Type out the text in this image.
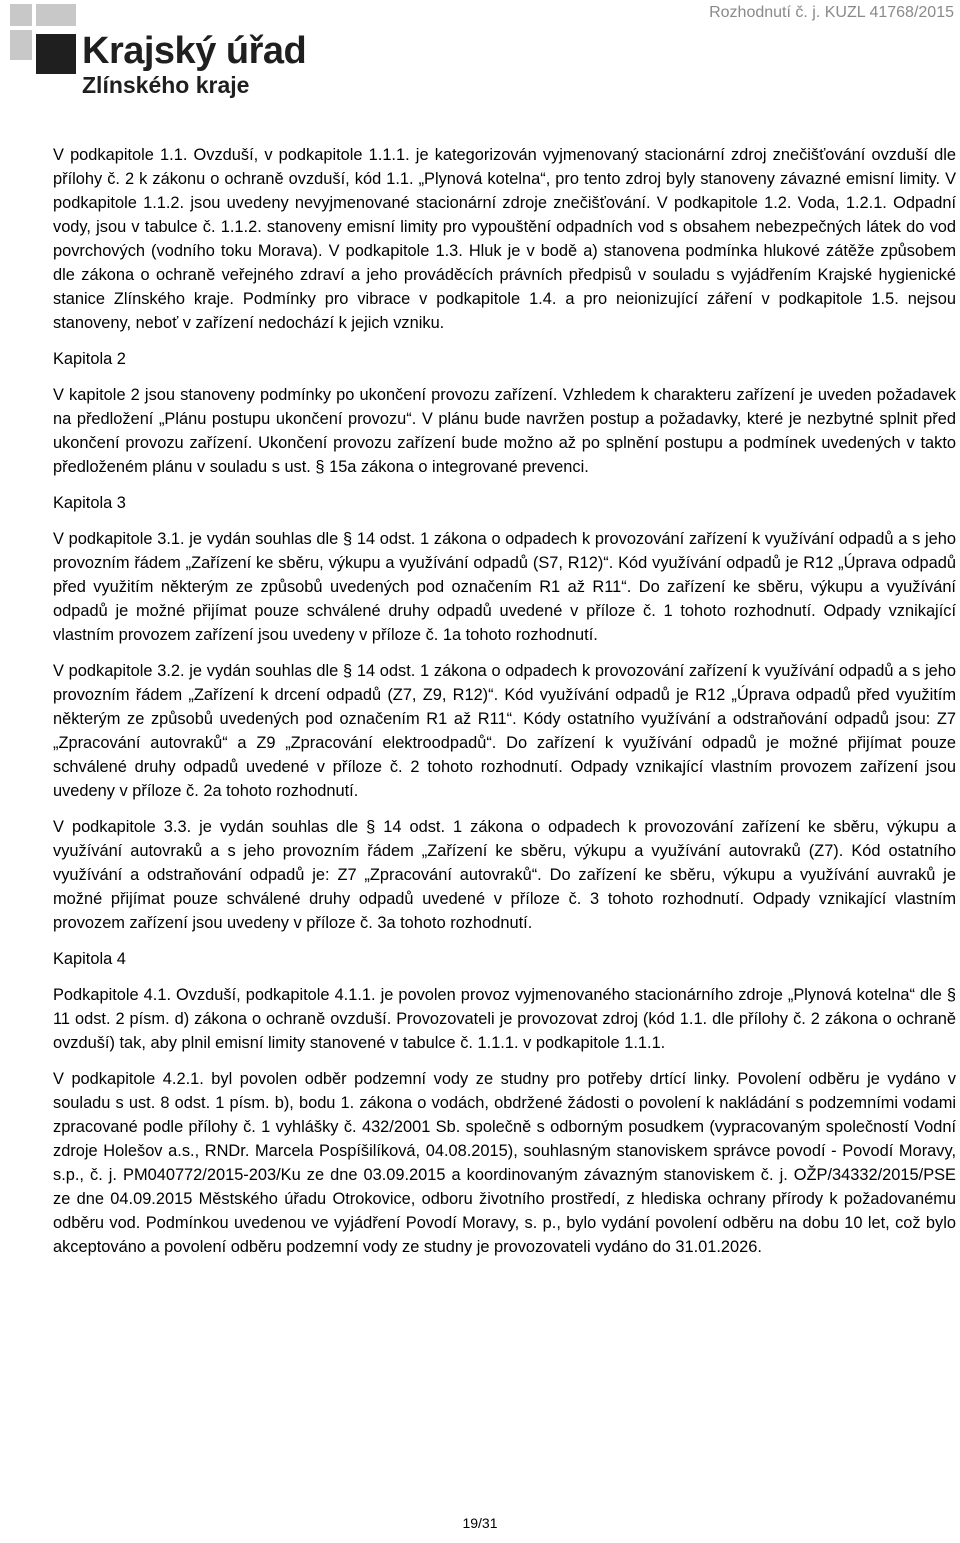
Krajský úřad
Zlínského kraje
Rozhodnutí č. j. KUZL 41768/2015

V podkapitole 1.1. Ovzduší, v podkapitole 1.1.1. je kategorizován vyjmenovaný stacionární zdroj znečišťování ovzduší dle přílohy č. 2 k zákonu o ochraně ovzduší, kód 1.1. „Plynová kotelna“, pro tento zdroj byly stanoveny závazné emisní limity. V podkapitole 1.1.2. jsou uvedeny nevyjmenované stacionární zdroje znečišťování. V podkapitole 1.2. Voda, 1.2.1. Odpadní vody, jsou v tabulce č. 1.1.2. stanoveny emisní limity pro vypouštění odpadních vod s obsahem nebezpečných látek do vod povrchových (vodního toku Morava). V podkapitole 1.3. Hluk je v bodě a) stanovena podmínka hlukové zátěže způsobem dle zákona o ochraně veřejného zdraví a jeho prováděcích právních předpisů v souladu s vyjádřením Krajské hygienické stanice Zlínského kraje. Podmínky pro vibrace v podkapitole 1.4. a pro neionizující záření v podkapitole 1.5. nejsou stanoveny, neboť v zařízení nedochází k jejich vzniku.

Kapitola 2

V kapitole 2 jsou stanoveny podmínky po ukončení provozu zařízení. Vzhledem k charakteru zařízení je uveden požadavek na předložení „Plánu postupu ukončení provozu“. V plánu bude navržen postup a požadavky, které je nezbytné splnit před ukončení provozu zařízení. Ukončení provozu zařízení bude možno až po splnění postupu a podmínek uvedených v takto předloženém plánu v souladu s ust. § 15a zákona o integrované prevenci.

Kapitola 3

V podkapitole 3.1. je vydán souhlas dle § 14 odst. 1 zákona o odpadech k provozování zařízení k využívání odpadů a s jeho provozním řádem „Zařízení ke sběru, výkupu a využívání odpadů (S7, R12)“. Kód využívání odpadů je R12 „Úprava odpadů před využitím některým ze způsobů uvedených pod označením R1 až R11“. Do zařízení ke sběru, výkupu a využívání odpadů je možné přijímat pouze schválené druhy odpadů uvedené v příloze č. 1 tohoto rozhodnutí. Odpady vznikající vlastním provozem zařízení jsou uvedeny v příloze č. 1a tohoto rozhodnutí.

V podkapitole 3.2. je vydán souhlas dle § 14 odst. 1 zákona o odpadech k provozování zařízení k využívání odpadů a s jeho provozním řádem „Zařízení k drcení odpadů (Z7, Z9, R12)“. Kód využívání odpadů je R12 „Úprava odpadů před využitím některým ze způsobů uvedených pod označením R1 až R11“. Kódy ostatního využívání a odstraňování odpadů jsou: Z7 „Zpracování autovraků“ a Z9 „Zpracování elektroodpadů“. Do zařízení k využívání odpadů je možné přijímat pouze schválené druhy odpadů uvedené v příloze č. 2 tohoto rozhodnutí. Odpady vznikající vlastním provozem zařízení jsou uvedeny v příloze č. 2a tohoto rozhodnutí.

V podkapitole 3.3. je vydán souhlas dle § 14 odst. 1 zákona o odpadech k provozování zařízení ke sběru, výkupu a využívání autovraků a s jeho provozním řádem „Zařízení ke sběru, výkupu a využívání autovraků (Z7). Kód ostatního využívání a odstraňování odpadů je: Z7 „Zpracování autovraků“. Do zařízení ke sběru, výkupu a využívání auvraků je možné přijímat pouze schválené druhy odpadů uvedené v příloze č. 3 tohoto rozhodnutí. Odpady vznikající vlastním provozem zařízení jsou uvedeny v příloze č. 3a tohoto rozhodnutí.

Kapitola 4

Podkapitole 4.1. Ovzduší, podkapitole 4.1.1. je povolen provoz vyjmenovaného stacionárního zdroje „Plynová kotelna“ dle § 11 odst. 2 písm. d) zákona o ochraně ovzduší. Provozovateli je provozovat zdroj (kód 1.1. dle přílohy č. 2 zákona o ochraně ovzduší) tak, aby plnil emisní limity stanovené v tabulce č. 1.1.1. v podkapitole 1.1.1.

V podkapitole 4.2.1. byl povolen odběr podzemní vody ze studny pro potřeby drtící linky. Povolení odběru je vydáno v souladu s ust. 8 odst. 1 písm. b), bodu 1. zákona o vodách, obdržené žádosti o povolení k nakládání s podzemními vodami zpracované podle přílohy č. 1 vyhlášky č. 432/2001 Sb. společně s odborným posudkem (vypracovaným společností Vodní zdroje Holešov a.s., RNDr. Marcela Pospíšilíková, 04.08.2015), souhlasným stanoviskem správce povodí - Povodí Moravy, s.p., č. j. PM040772/2015-203/Ku ze dne 03.09.2015 a koordinovaným závazným stanoviskem č. j. OŽP/34332/2015/PSE ze dne 04.09.2015 Městského úřadu Otrokovice, odboru životního prostředí, z hlediska ochrany přírody k požadovanému odběru vod. Podmínkou uvedenou ve vyjádření Povodí Moravy, s. p., bylo vydání povolení odběru na dobu 10 let, což bylo akceptováno a povolení odběru podzemní vody ze studny je provozovateli vydáno do 31.01.2026.

19/31
